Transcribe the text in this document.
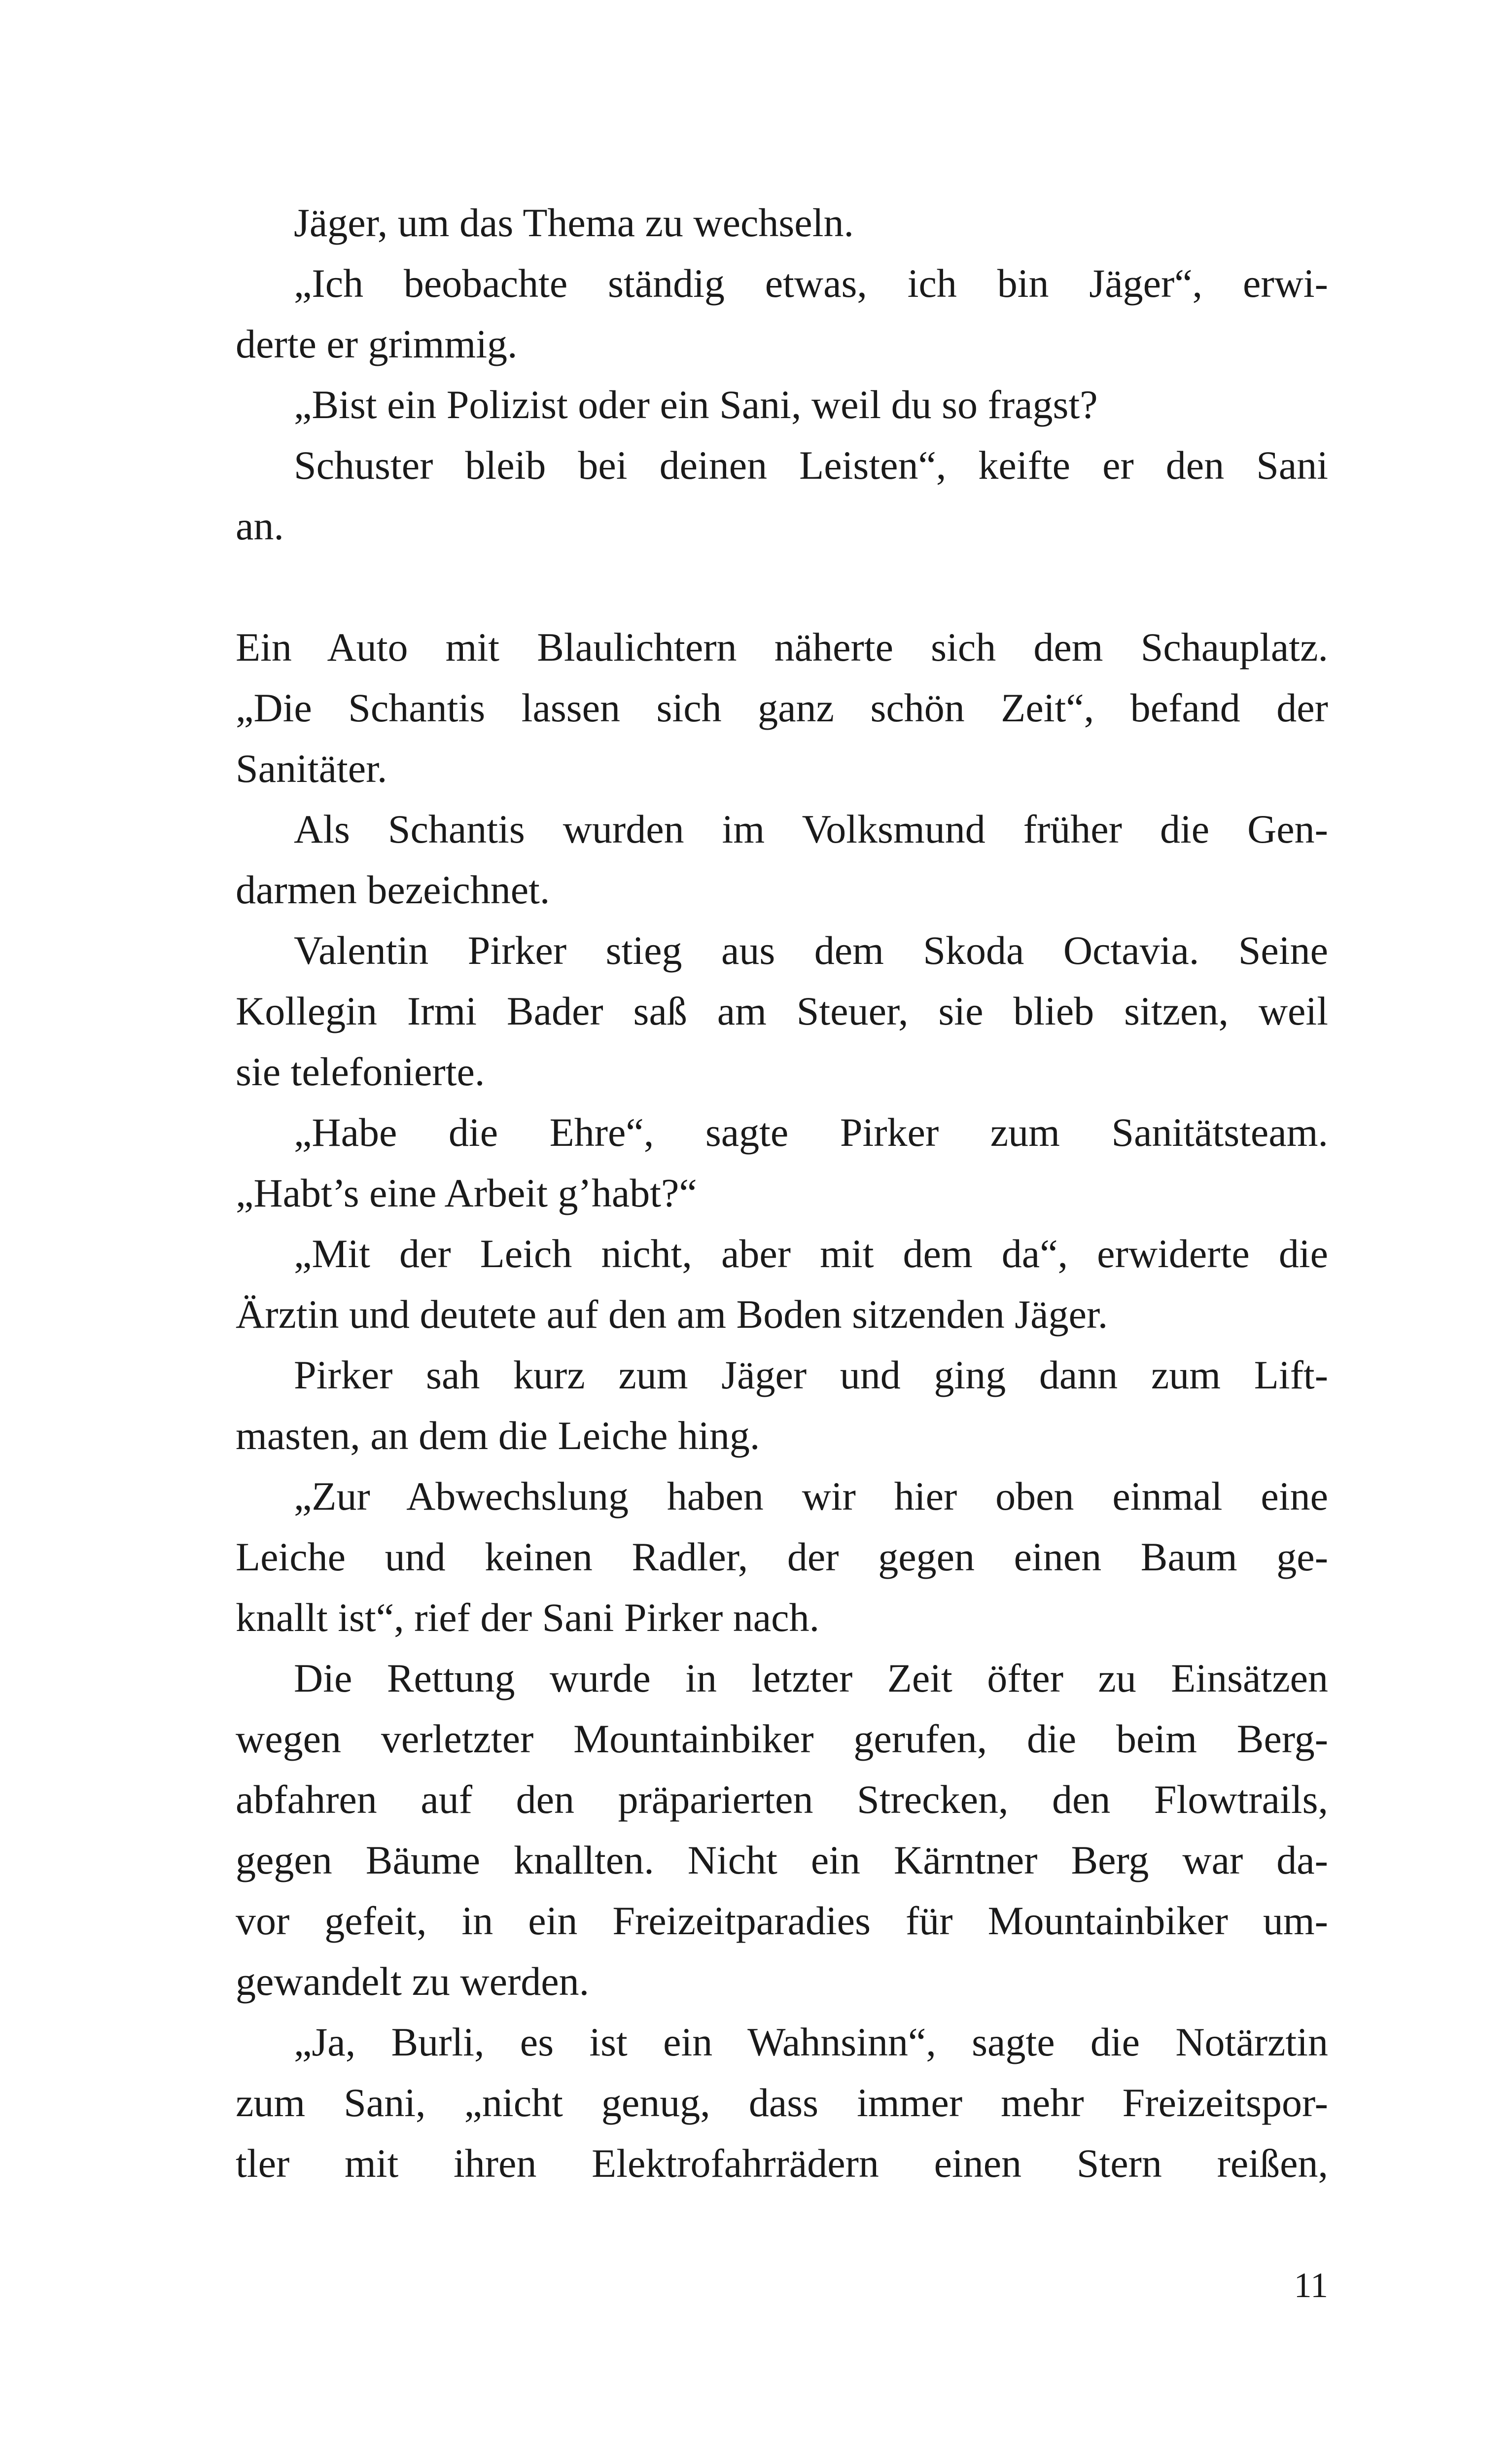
Jäger, um das Thema zu wechseln.
„Ich beobachte ständig etwas, ich bin Jäger“, erwi-
derte er grimmig.
„Bist ein Polizist oder ein Sani, weil du so fragst?
Schuster bleib bei deinen Leisten“, keifte er den Sani
an.
Ein Auto mit Blaulichtern näherte sich dem Schauplatz.
„Die Schantis lassen sich ganz schön Zeit“, befand der
Sanitäter.
Als Schantis wurden im Volksmund früher die Gen-
darmen bezeichnet.
Valentin Pirker stieg aus dem Skoda Octavia. Seine
Kollegin Irmi Bader saß am Steuer, sie blieb sitzen, weil
sie telefonierte.
„Habe die Ehre“, sagte Pirker zum Sanitätsteam.
„Habt’s eine Arbeit g’habt?“
„Mit der Leich nicht, aber mit dem da“, erwiderte die
Ärztin und deutete auf den am Boden sitzenden Jäger.
Pirker sah kurz zum Jäger und ging dann zum Lift-
masten, an dem die Leiche hing.
„Zur Abwechslung haben wir hier oben einmal eine
Leiche und keinen Radler, der gegen einen Baum ge-
knallt ist“, rief der Sani Pirker nach.
Die Rettung wurde in letzter Zeit öfter zu Einsätzen
wegen verletzter Mountainbiker gerufen, die beim Berg-
abfahren auf den präparierten Strecken, den Flowtrails,
gegen Bäume knallten. Nicht ein Kärntner Berg war da-
vor gefeit, in ein Freizeitparadies für Mountainbiker um-
gewandelt zu werden.
„Ja, Burli, es ist ein Wahnsinn“, sagte die Notärztin
zum Sani, „nicht genug, dass immer mehr Freizeitspor-
tler mit ihren Elektrofahrrädern einen Stern reißen,
11
